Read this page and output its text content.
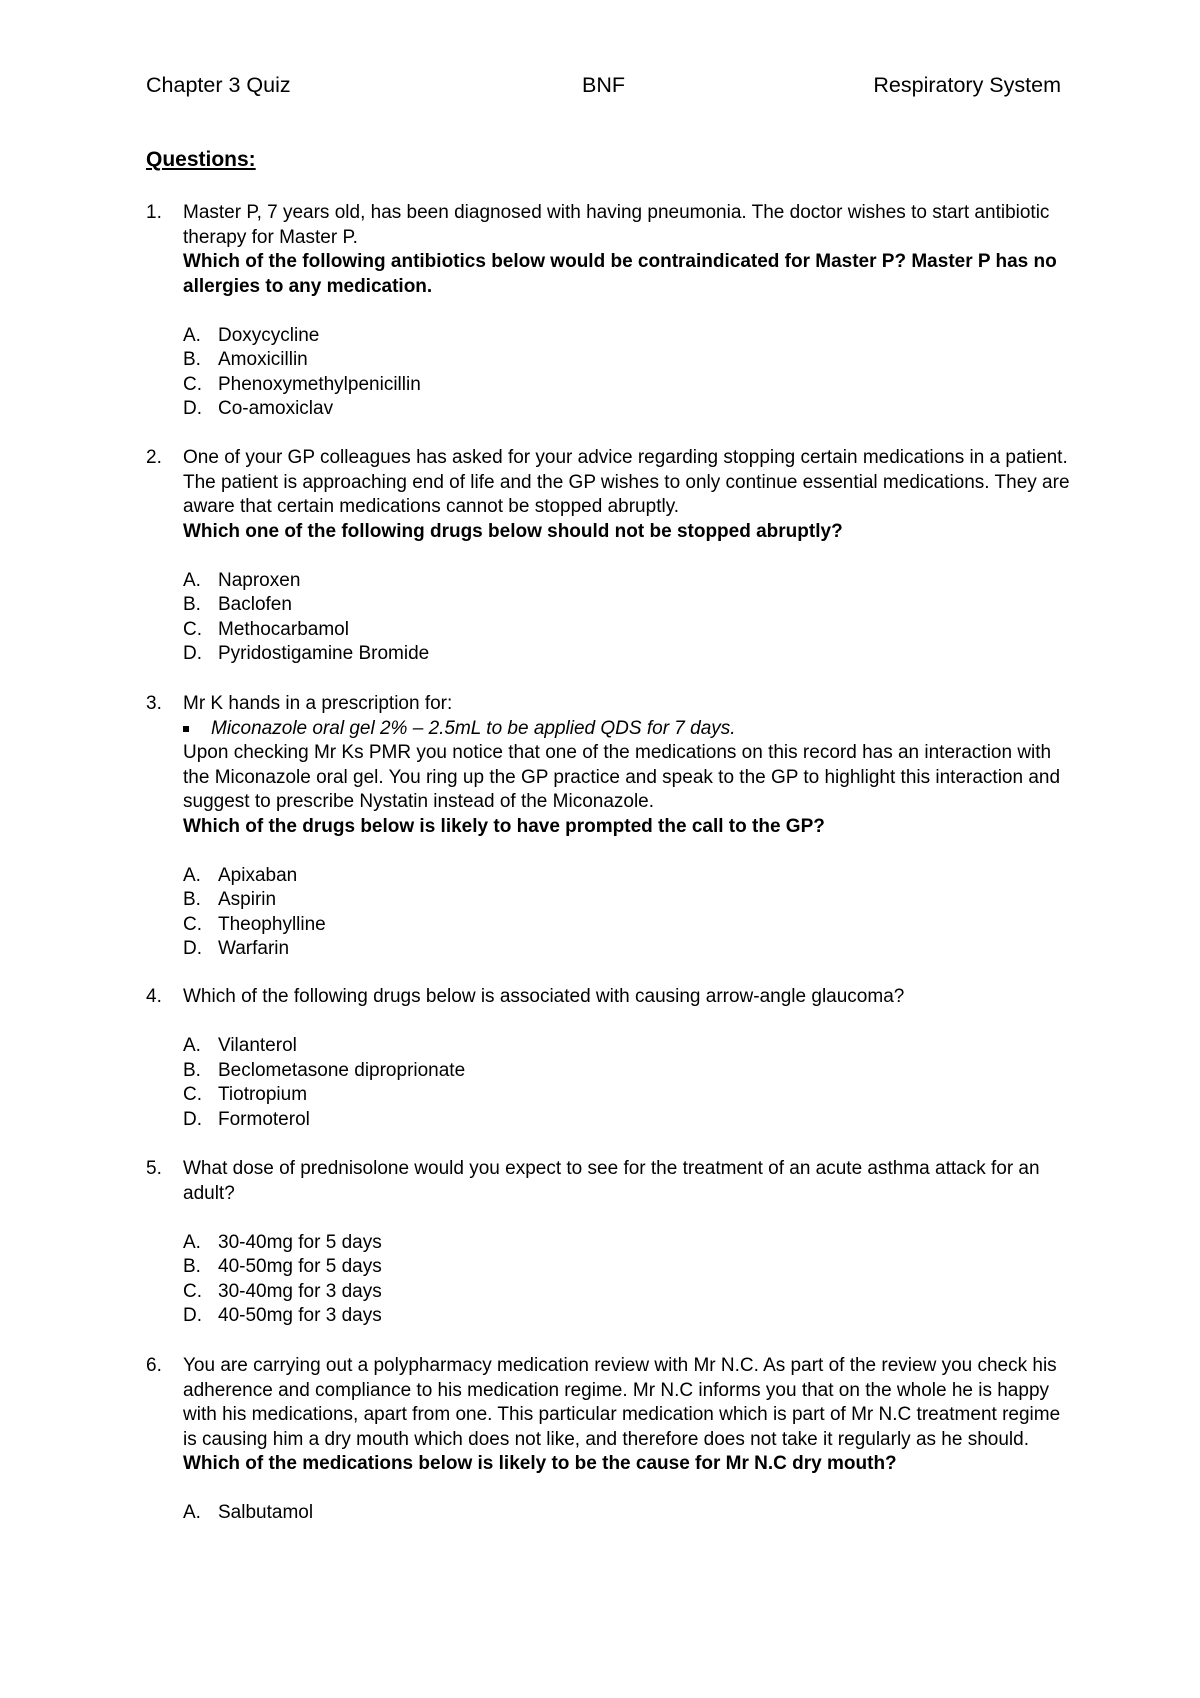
Chapter 3 Quiz	BNF	Respiratory System
Questions:
1. Master P, 7 years old, has been diagnosed with having pneumonia. The doctor wishes to start antibiotic therapy for Master P.

Which of the following antibiotics below would be contraindicated for Master P? Master P has no allergies to any medication.

A. Doxycycline
B. Amoxicillin
C. Phenoxymethylpenicillin
D. Co-amoxiclav
2. One of your GP colleagues has asked for your advice regarding stopping certain medications in a patient. The patient is approaching end of life and the GP wishes to only continue essential medications. They are aware that certain medications cannot be stopped abruptly.

Which one of the following drugs below should not be stopped abruptly?

A. Naproxen
B. Baclofen
C. Methocarbamol
D. Pyridostigamine Bromide
3. Mr K hands in a prescription for:

Miconazole oral gel 2% – 2.5mL to be applied QDS for 7 days.

Upon checking Mr Ks PMR you notice that one of the medications on this record has an interaction with the Miconazole oral gel. You ring up the GP practice and speak to the GP to highlight this interaction and suggest to prescribe Nystatin instead of the Miconazole.

Which of the drugs below is likely to have prompted the call to the GP?

A. Apixaban
B. Aspirin
C. Theophylline
D. Warfarin
4. Which of the following drugs below is associated with causing arrow-angle glaucoma?

A. Vilanterol
B. Beclometasone diproprionate
C. Tiotropium
D. Formoterol
5. What dose of prednisolone would you expect to see for the treatment of an acute asthma attack for an adult?

A. 30-40mg for 5 days
B. 40-50mg for 5 days
C. 30-40mg for 3 days
D. 40-50mg for 3 days
6. You are carrying out a polypharmacy medication review with Mr N.C. As part of the review you check his adherence and compliance to his medication regime. Mr N.C informs you that on the whole he is happy with his medications, apart from one. This particular medication which is part of Mr N.C treatment regime is causing him a dry mouth which does not like, and therefore does not take it regularly as he should.

Which of the medications below is likely to be the cause for Mr N.C dry mouth?

A. Salbutamol
